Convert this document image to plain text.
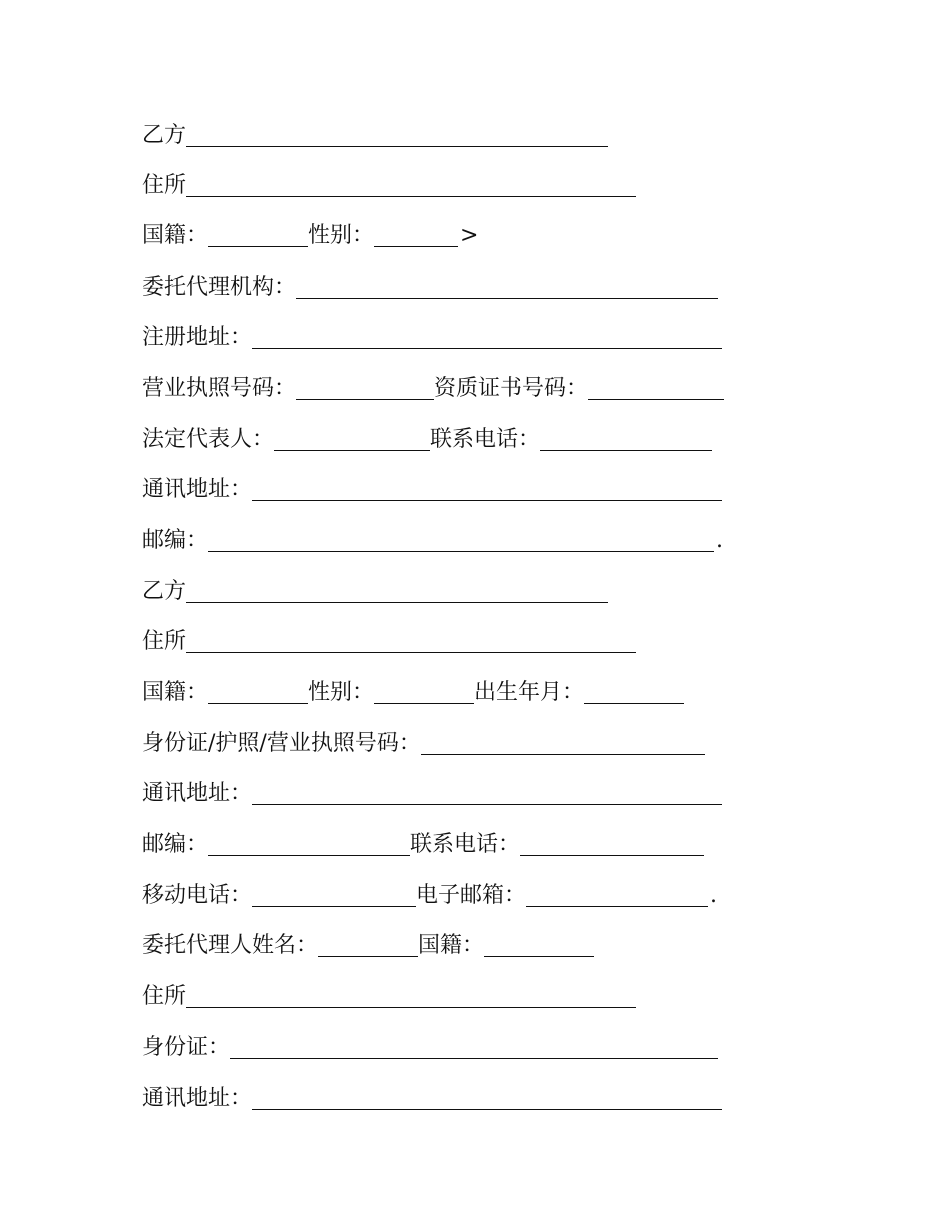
乙方
住所
国籍：	性别：	>
委托代理机构：
注册地址：
营业执照号码：	资质证书号码：
法定代表人：	联系电话：
通讯地址：
邮编：	.
乙方
住所
国籍：	性别：	出生年月：
身份证/护照/营业执照号码：
通讯地址：
邮编：	联系电话：
移动电话：	电子邮箱：	.
委托代理人姓名：	国籍：
住所
身份证：
通讯地址：
